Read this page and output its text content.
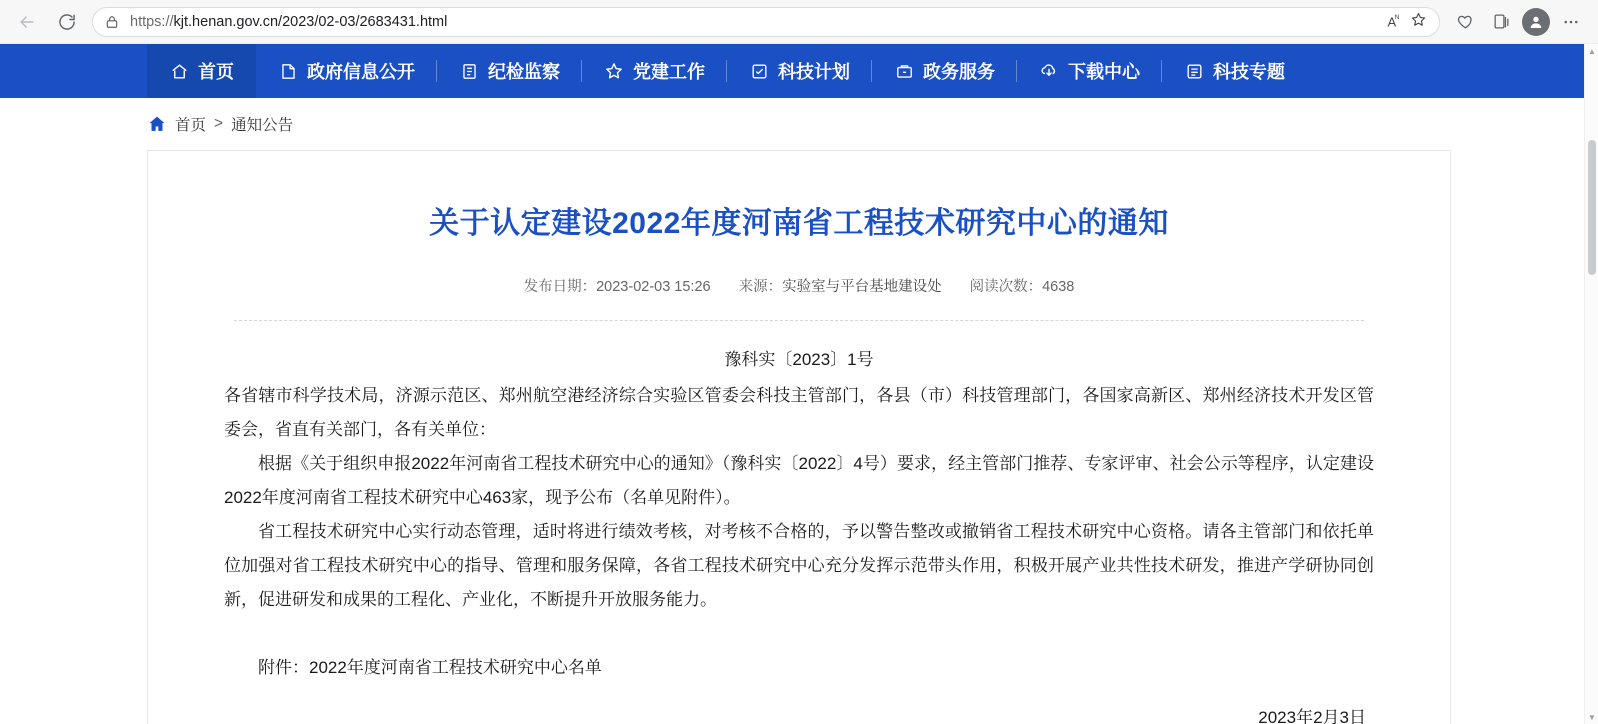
https://kjt.henan.gov.cn/2023/02-03/2683431.html	$A^ᴺ$
首页	政府信息公开	纪检监察	党建工作	科技计划	政务服务	下载中心	科技专题
首页 > 通知公告
关于认定建设2022年度河南省工程技术研究中心的通知
发布日期：2023-02-03 15:26 来源：实验室与平台基地建设处 阅读次数：4638

豫科实〔2023〕1号

各省辖市科学技术局，济源示范区、郑州航空港经济综合实验区管委会科技主管部门，各县（市）科技管理部门，各国家高新区、郑州经济技术开发区管委会，省直有关部门，各有关单位：

根据《关于组织申报2022年河南省工程技术研究中心的通知》（豫科实〔2022〕4号）要求，经主管部门推荐、专家评审、社会公示等程序，认定建设2022年度河南省工程技术研究中心463家，现予公布（名单见附件）。

省工程技术研究中心实行动态管理，适时将进行绩效考核，对考核不合格的，予以警告整改或撤销省工程技术研究中心资格。请各主管部门和依托单位加强对省工程技术研究中心的指导、管理和服务保障，各省工程技术研究中心充分发挥示范带头作用，积极开展产业共性技术研发，推进产学研协同创新，促进研发和成果的工程化、产业化，不断提升开放服务能力。

附件：2022年度河南省工程技术研究中心名单

2023年2月3日

▲
▼
